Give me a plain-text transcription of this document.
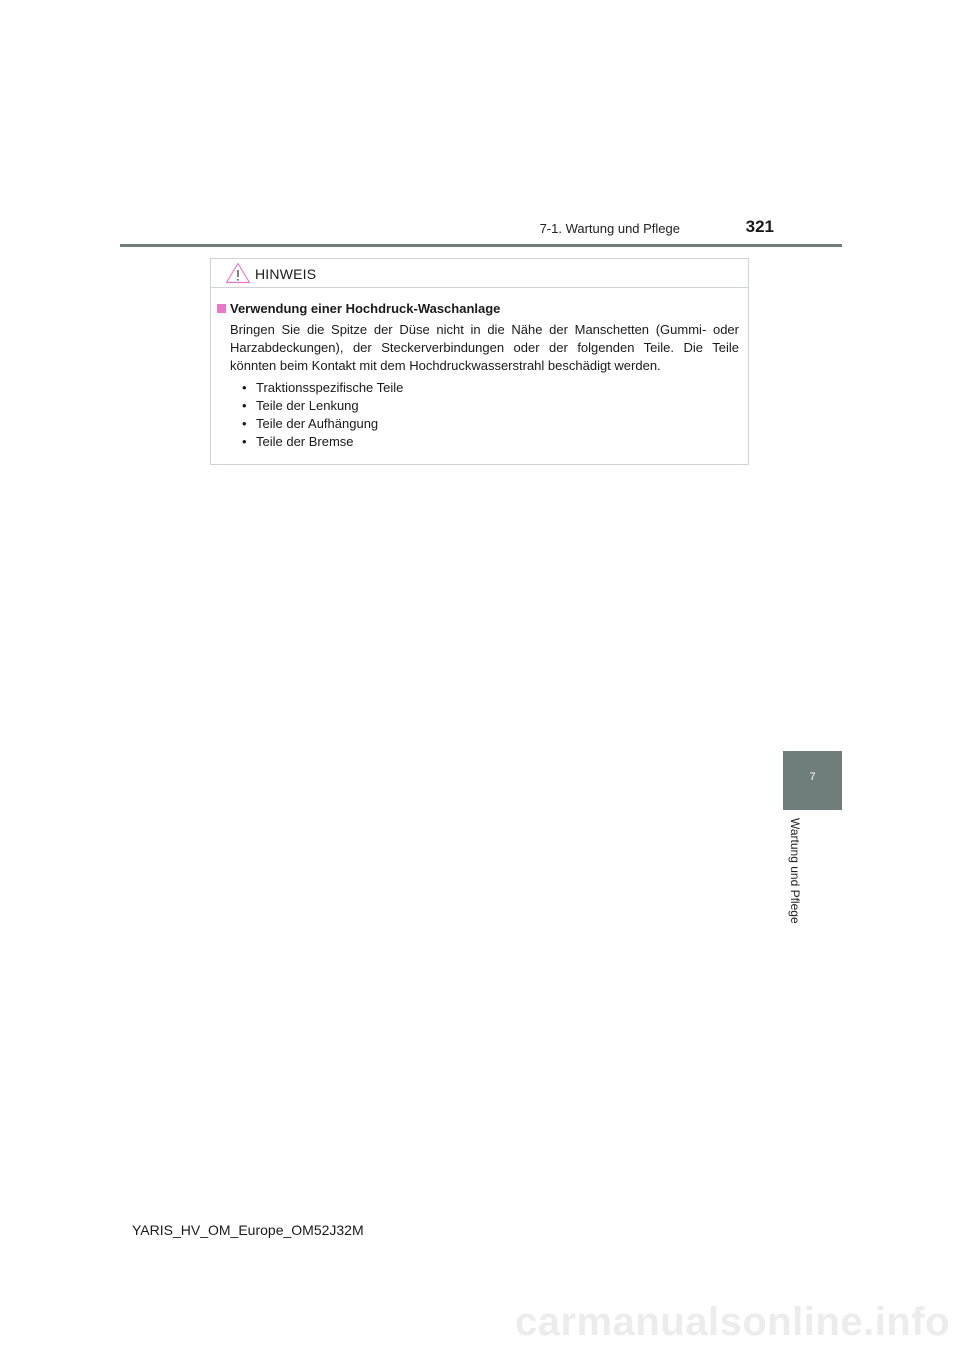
7-1. Wartung und Pflege	321
HINWEIS
Verwendung einer Hochdruck-Waschanlage
Bringen Sie die Spitze der Düse nicht in die Nähe der Manschetten (Gummi- oder Harzabdeckungen), der Steckerverbindungen oder der folgenden Teile. Die Teile könnten beim Kontakt mit dem Hochdruckwasserstrahl beschädigt werden.
• Traktionsspezifische Teile
• Teile der Lenkung
• Teile der Aufhängung
• Teile der Bremse
7
Wartung und Pflege
YARIS_HV_OM_Europe_OM52J32M
carmanualsonline.info
